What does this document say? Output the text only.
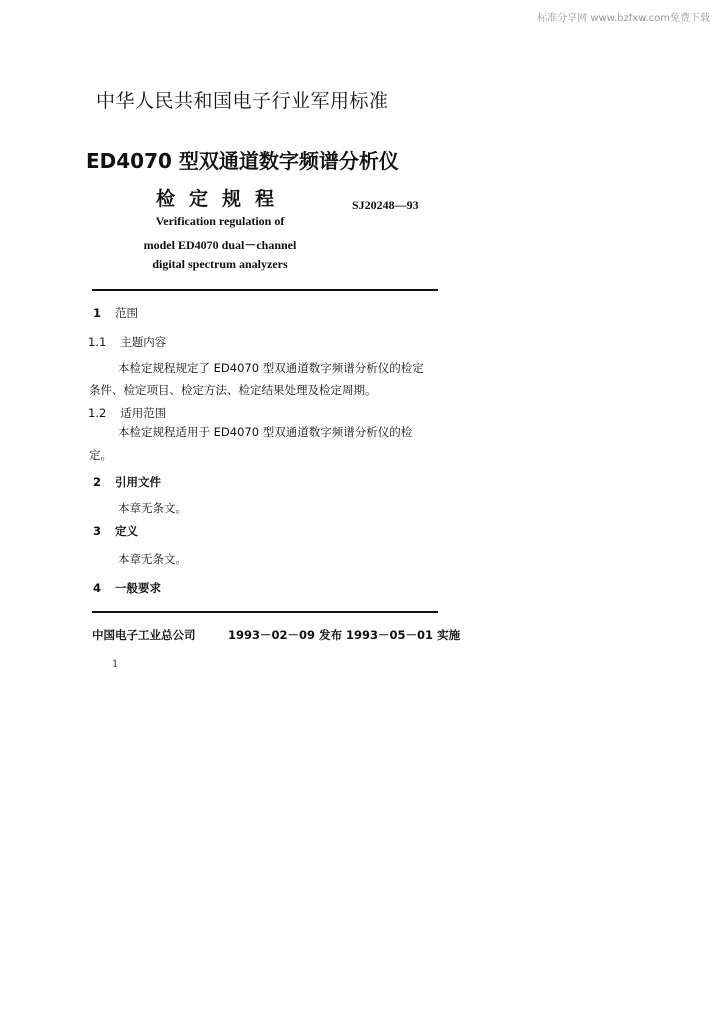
标准分享网 www.bzfxw.com免费下载
中华人民共和国电子行业军用标准
ED4070 型双通道数字频谱分析仪
检定规程	SJ20248—93
Verification regulation of
model ED4070 dual－channel
digital spectrum analyzers
1 范围
1.1 主题内容
本检定规程规定了 ED4070 型双通道数字频谱分析仪的检定
条件、检定项目、检定方法、检定结果处理及检定周期。
1.2 适用范围
本检定规程适用于 ED4070 型双通道数字频谱分析仪的检
定。
2 引用文件
本章无条文。
3 定义
本章无条文。
4 一般要求
中国电子工业总公司	1993－02－09 发布 1993－05－01 实施
1
